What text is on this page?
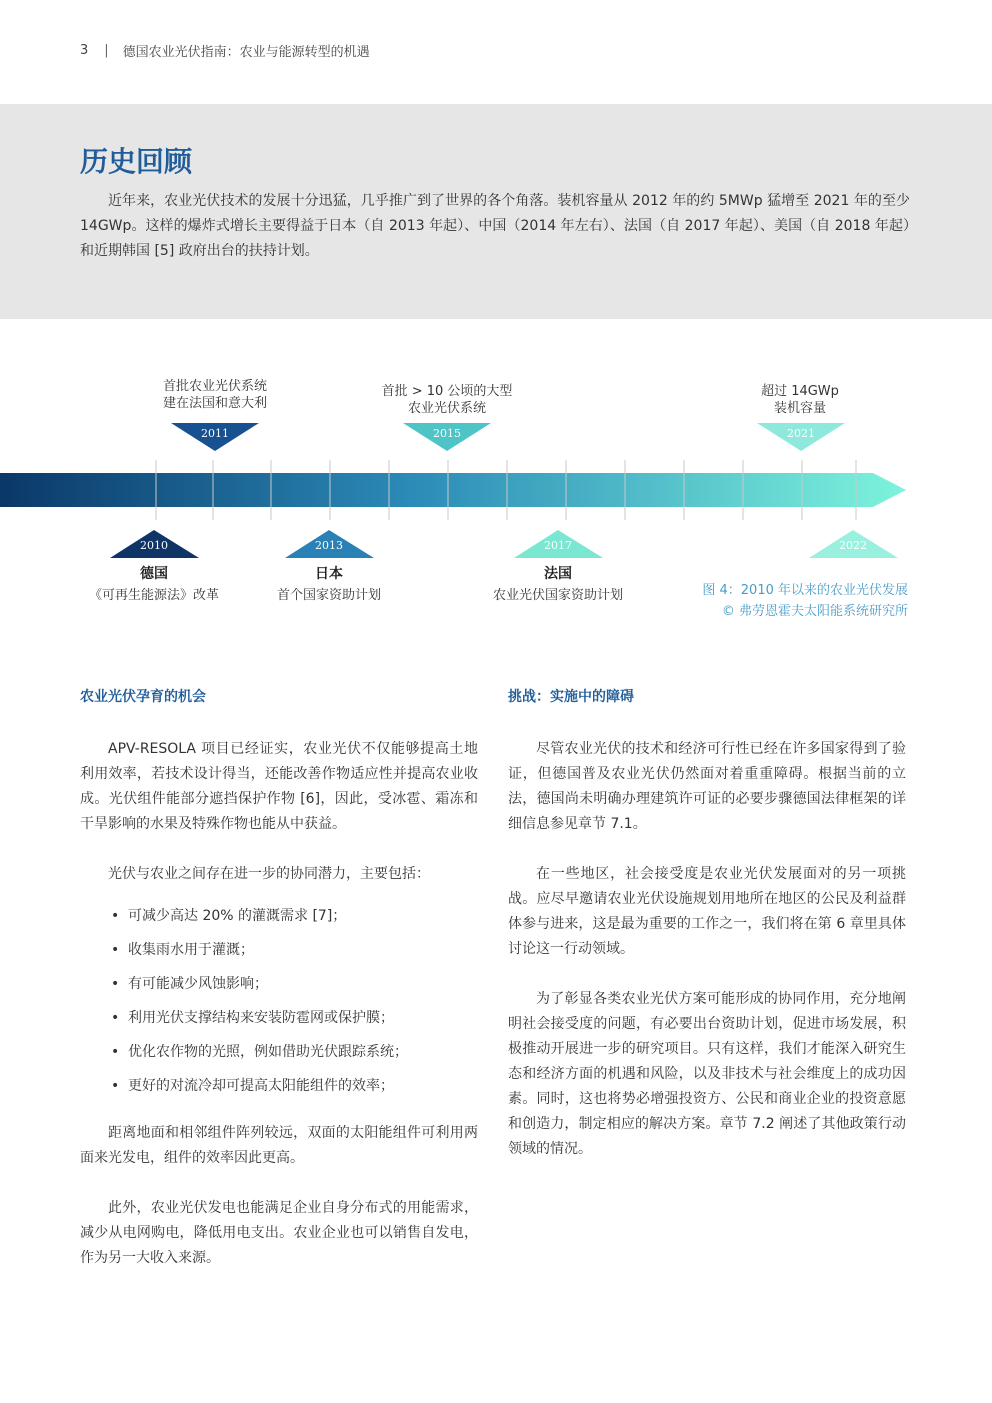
3 | 德国农业光伏指南：农业与能源转型的机遇
历史回顾

近年来，农业光伏技术的发展十分迅猛，几乎推广到了世界的各个角落。装机容量从 2012 年的约 5MWp 猛增至 2021 年的至少 14GWp。这样的爆炸式增长主要得益于日本（自 2013 年起）、中国（2014 年左右）、法国（自 2017 年起）、美国（自 2018 年起）和近期韩国 [5] 政府出台的扶持计划。

2011	2015	2021
2010	2013	2017	2022
首批农业光伏系统
建在法国和意大利
首批 > 10 公顷的大型
农业光伏系统
超过 14GWp
装机容量
德国
《可再生能源法》改革
日本
首个国家资助计划
法国
农业光伏国家资助计划	图 4：2010 年以来的农业光伏发展
© 弗劳恩霍夫太阳能系统研究所
农业光伏孕育的机会

APV-RESOLA 项目已经证实，农业光伏不仅能够提高土地利用效率，若技术设计得当，还能改善作物适应性并提高农业收成。光伏组件能部分遮挡保护作物 [6]，因此，受冰雹、霜冻和干旱影响的水果及特殊作物也能从中获益。

光伏与农业之间存在进一步的协同潜力，主要包括：

• 可减少高达 20% 的灌溉需求 [7]；
• 收集雨水用于灌溉；
• 有可能减少风蚀影响；
• 利用光伏支撑结构来安装防雹网或保护膜；
• 优化农作物的光照，例如借助光伏跟踪系统；
• 更好的对流冷却可提高太阳能组件的效率；

距离地面和相邻组件阵列较远，双面的太阳能组件可利用两面来光发电，组件的效率因此更高。

此外，农业光伏发电也能满足企业自身分布式的用能需求，减少从电网购电，降低用电支出。农业企业也可以销售自发电，作为另一大收入来源。

挑战：实施中的障碍

尽管农业光伏的技术和经济可行性已经在许多国家得到了验证，但德国普及农业光伏仍然面对着重重障碍。根据当前的立法，德国尚未明确办理建筑许可证的必要步骤德国法律框架的详细信息参见章节 7.1。

在一些地区，社会接受度是农业光伏发展面对的另一项挑战。应尽早邀请农业光伏设施规划用地所在地区的公民及利益群体参与进来，这是最为重要的工作之一，我们将在第 6 章里具体讨论这一行动领域。

为了彰显各类农业光伏方案可能形成的协同作用，充分地阐明社会接受度的问题，有必要出台资助计划，促进市场发展，积极推动开展进一步的研究项目。只有这样，我们才能深入研究生态和经济方面的机遇和风险，以及非技术与社会维度上的成功因素。同时，这也将势必增强投资方、公民和商业企业的投资意愿和创造力，制定相应的解决方案。章节 7.2 阐述了其他政策行动领域的情况。
